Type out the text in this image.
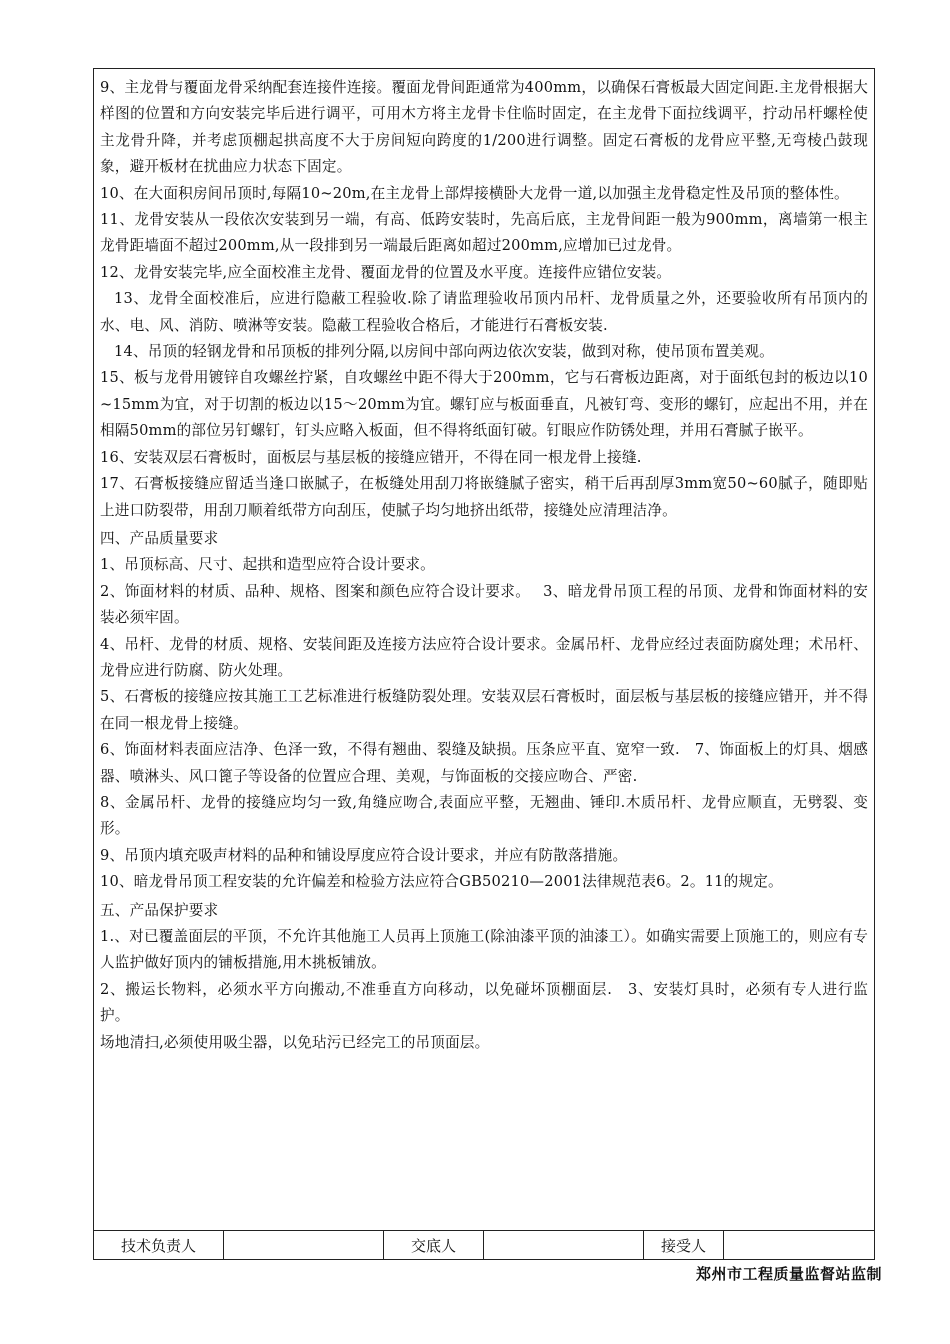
9、主龙骨与覆面龙骨采纳配套连接件连接。覆面龙骨间距通常为400mm，以确保石膏板最大固定间距.主龙骨根据大样图的位置和方向安装完毕后进行调平，可用木方将主龙骨卡住临时固定，在主龙骨下面拉线调平，拧动吊杆螺栓使主龙骨升降，并考虑顶棚起拱高度不大于房间短向跨度的1/200进行调整。固定石膏板的龙骨应平整,无弯棱凸鼓现象，避开板材在扰曲应力状态下固定。

10、在大面积房间吊顶时,每隔10~20m,在主龙骨上部焊接横卧大龙骨一道,以加强主龙骨稳定性及吊顶的整体性。

11、龙骨安装从一段依次安装到另一端，有高、低跨安装时，先高后底，主龙骨间距一般为900mm，离墙第一根主龙骨距墙面不超过200mm,从一段排到另一端最后距离如超过200mm,应增加已过龙骨。

12、龙骨安装完毕,应全面校准主龙骨、覆面龙骨的位置及水平度。连接件应错位安装。

13、龙骨全面校准后，应进行隐蔽工程验收.除了请监理验收吊顶内吊杆、龙骨质量之外，还要验收所有吊顶内的水、电、风、消防、喷淋等安装。隐蔽工程验收合格后，才能进行石膏板安装.

14、吊顶的轻钢龙骨和吊顶板的排列分隔,以房间中部向两边依次安装，做到对称，使吊顶布置美观。

15、板与龙骨用镀锌自攻螺丝拧紧，自攻螺丝中距不得大于200mm，它与石膏板边距离，对于面纸包封的板边以10~15mm为宜，对于切割的板边以15～20mm为宜。螺钉应与板面垂直，凡被钉弯、变形的螺钉，应起出不用，并在相隔50mm的部位另钉螺钉，钉头应略入板面，但不得将纸面钉破。钉眼应作防锈处理，并用石膏腻子嵌平。

16、安装双层石膏板时，面板层与基层板的接缝应错开，不得在同一根龙骨上接缝.

17、石膏板接缝应留适当逢口嵌腻子，在板缝处用刮刀将嵌缝腻子密实，稍干后再刮厚3mm宽50~60腻子，随即贴上进口防裂带，用刮刀顺着纸带方向刮压，使腻子均匀地挤出纸带，接缝处应清理洁净。

四、产品质量要求

1、吊顶标高、尺寸、起拱和造型应符合设计要求。

2、饰面材料的材质、品种、规格、图案和颜色应符合设计要求。　 3、暗龙骨吊顶工程的吊顶、龙骨和饰面材料的安装必须牢固。

4、吊杆、龙骨的材质、规格、安装间距及连接方法应符合设计要求。金属吊杆、龙骨应经过表面防腐处理；术吊杆、龙骨应进行防腐、防火处理。

5、石膏板的接缝应按其施工工艺标准进行板缝防裂处理。安装双层石膏板时，面层板与基层板的接缝应错开，并不得在同一根龙骨上接缝。

6、饰面材料表面应洁净、色泽一致，不得有翘曲、裂缝及缺损。压条应平直、宽窄一致.　7、饰面板上的灯具、烟感器、喷淋头、风口篦子等设备的位置应合理、美观，与饰面板的交接应吻合、严密.

8、金属吊杆、龙骨的接缝应均匀一致,角缝应吻合,表面应平整，无翘曲、锤印.木质吊杆、龙骨应顺直，无劈裂、变形。

9、吊顶内填充吸声材料的品种和铺设厚度应符合设计要求，并应有防散落措施。

10、暗龙骨吊顶工程安装的允许偏差和检验方法应符合GB50210—2001法律规范表6。2。11的规定。

五、产品保护要求

1.、对已覆盖面层的平顶，不允许其他施工人员再上顶施工(除油漆平顶的油漆工）。如确实需要上顶施工的，则应有专人监护做好顶内的铺板措施,用木挑板铺放。

2、搬运长物料，必须水平方向搬动,不准垂直方向移动，以免碰坏顶棚面层.　3、安装灯具时，必须有专人进行监护。

场地清扫,必须使用吸尘器，以免玷污已经完工的吊顶面层。

技术负责人	交底人	接受人
郑州市工程质量监督站监制
